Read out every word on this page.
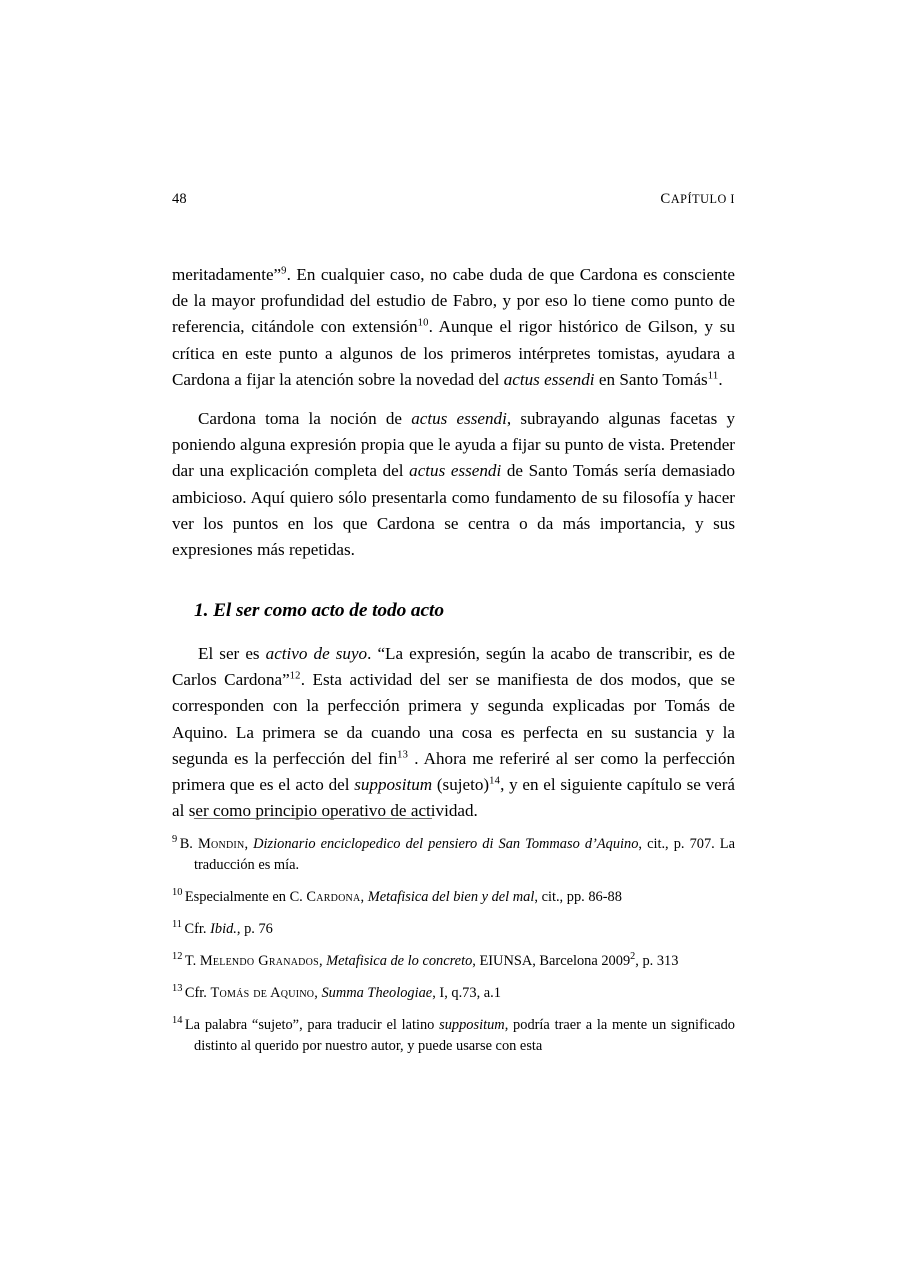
48	CAPÍTULO I

meritadamente”$^9$. En cualquier caso, no cabe duda de que Cardona es consciente de la mayor profundidad del estudio de Fabro, y por eso lo tiene como punto de referencia, citándole con extensión$^{10}$. Aunque el rigor histórico de Gilson, y su crítica en este punto a algunos de los primeros intérpretes tomistas, ayudara a Cardona a fijar la atención sobre la novedad del actus essendi en Santo Tomás$^{11}$.

Cardona toma la noción de actus essendi, subrayando algunas facetas y poniendo alguna expresión propia que le ayuda a fijar su punto de vista. Pretender dar una explicación completa del actus essendi de Santo Tomás sería demasiado ambicioso. Aquí quiero sólo presentarla como fundamento de su filosofía y hacer ver los puntos en los que Cardona se centra o da más importancia, y sus expresiones más repetidas.

1. El ser como acto de todo acto

El ser es activo de suyo. “La expresión, según la acabo de transcribir, es de Carlos Cardona”$^{12}$. Esta actividad del ser se manifiesta de dos modos, que se corresponden con la perfección primera y segunda explicadas por Tomás de Aquino. La primera se da cuando una cosa es perfecta en su sustancia y la segunda es la perfección del fin$^{13}$ . Ahora me referiré al ser como la perfección primera que es el acto del suppositum (sujeto)$^{14}$, y en el siguiente capítulo se verá al ser como principio operativo de actividad.

$^9$ B. Mondin, Dizionario enciclopedico del pensiero di San Tommaso d’Aquino, cit., p. 707. La traducción es mía.
$^{10}$ Especialmente en C. Cardona, Metafisica del bien y del mal, cit., pp. 86-88
$^{11}$ Cfr. Ibid., p. 76
$^{12}$ T. Melendo Granados, Metafisica de lo concreto, EIUNSA, Barcelona 2009$^2$, p. 313
$^{13}$ Cfr. Tomás de Aquino, Summa Theologiae, I, q.73, a.1
$^{14}$ La palabra “sujeto”, para traducir el latino suppositum, podría traer a la mente un significado distinto al querido por nuestro autor, y puede usarse con esta
